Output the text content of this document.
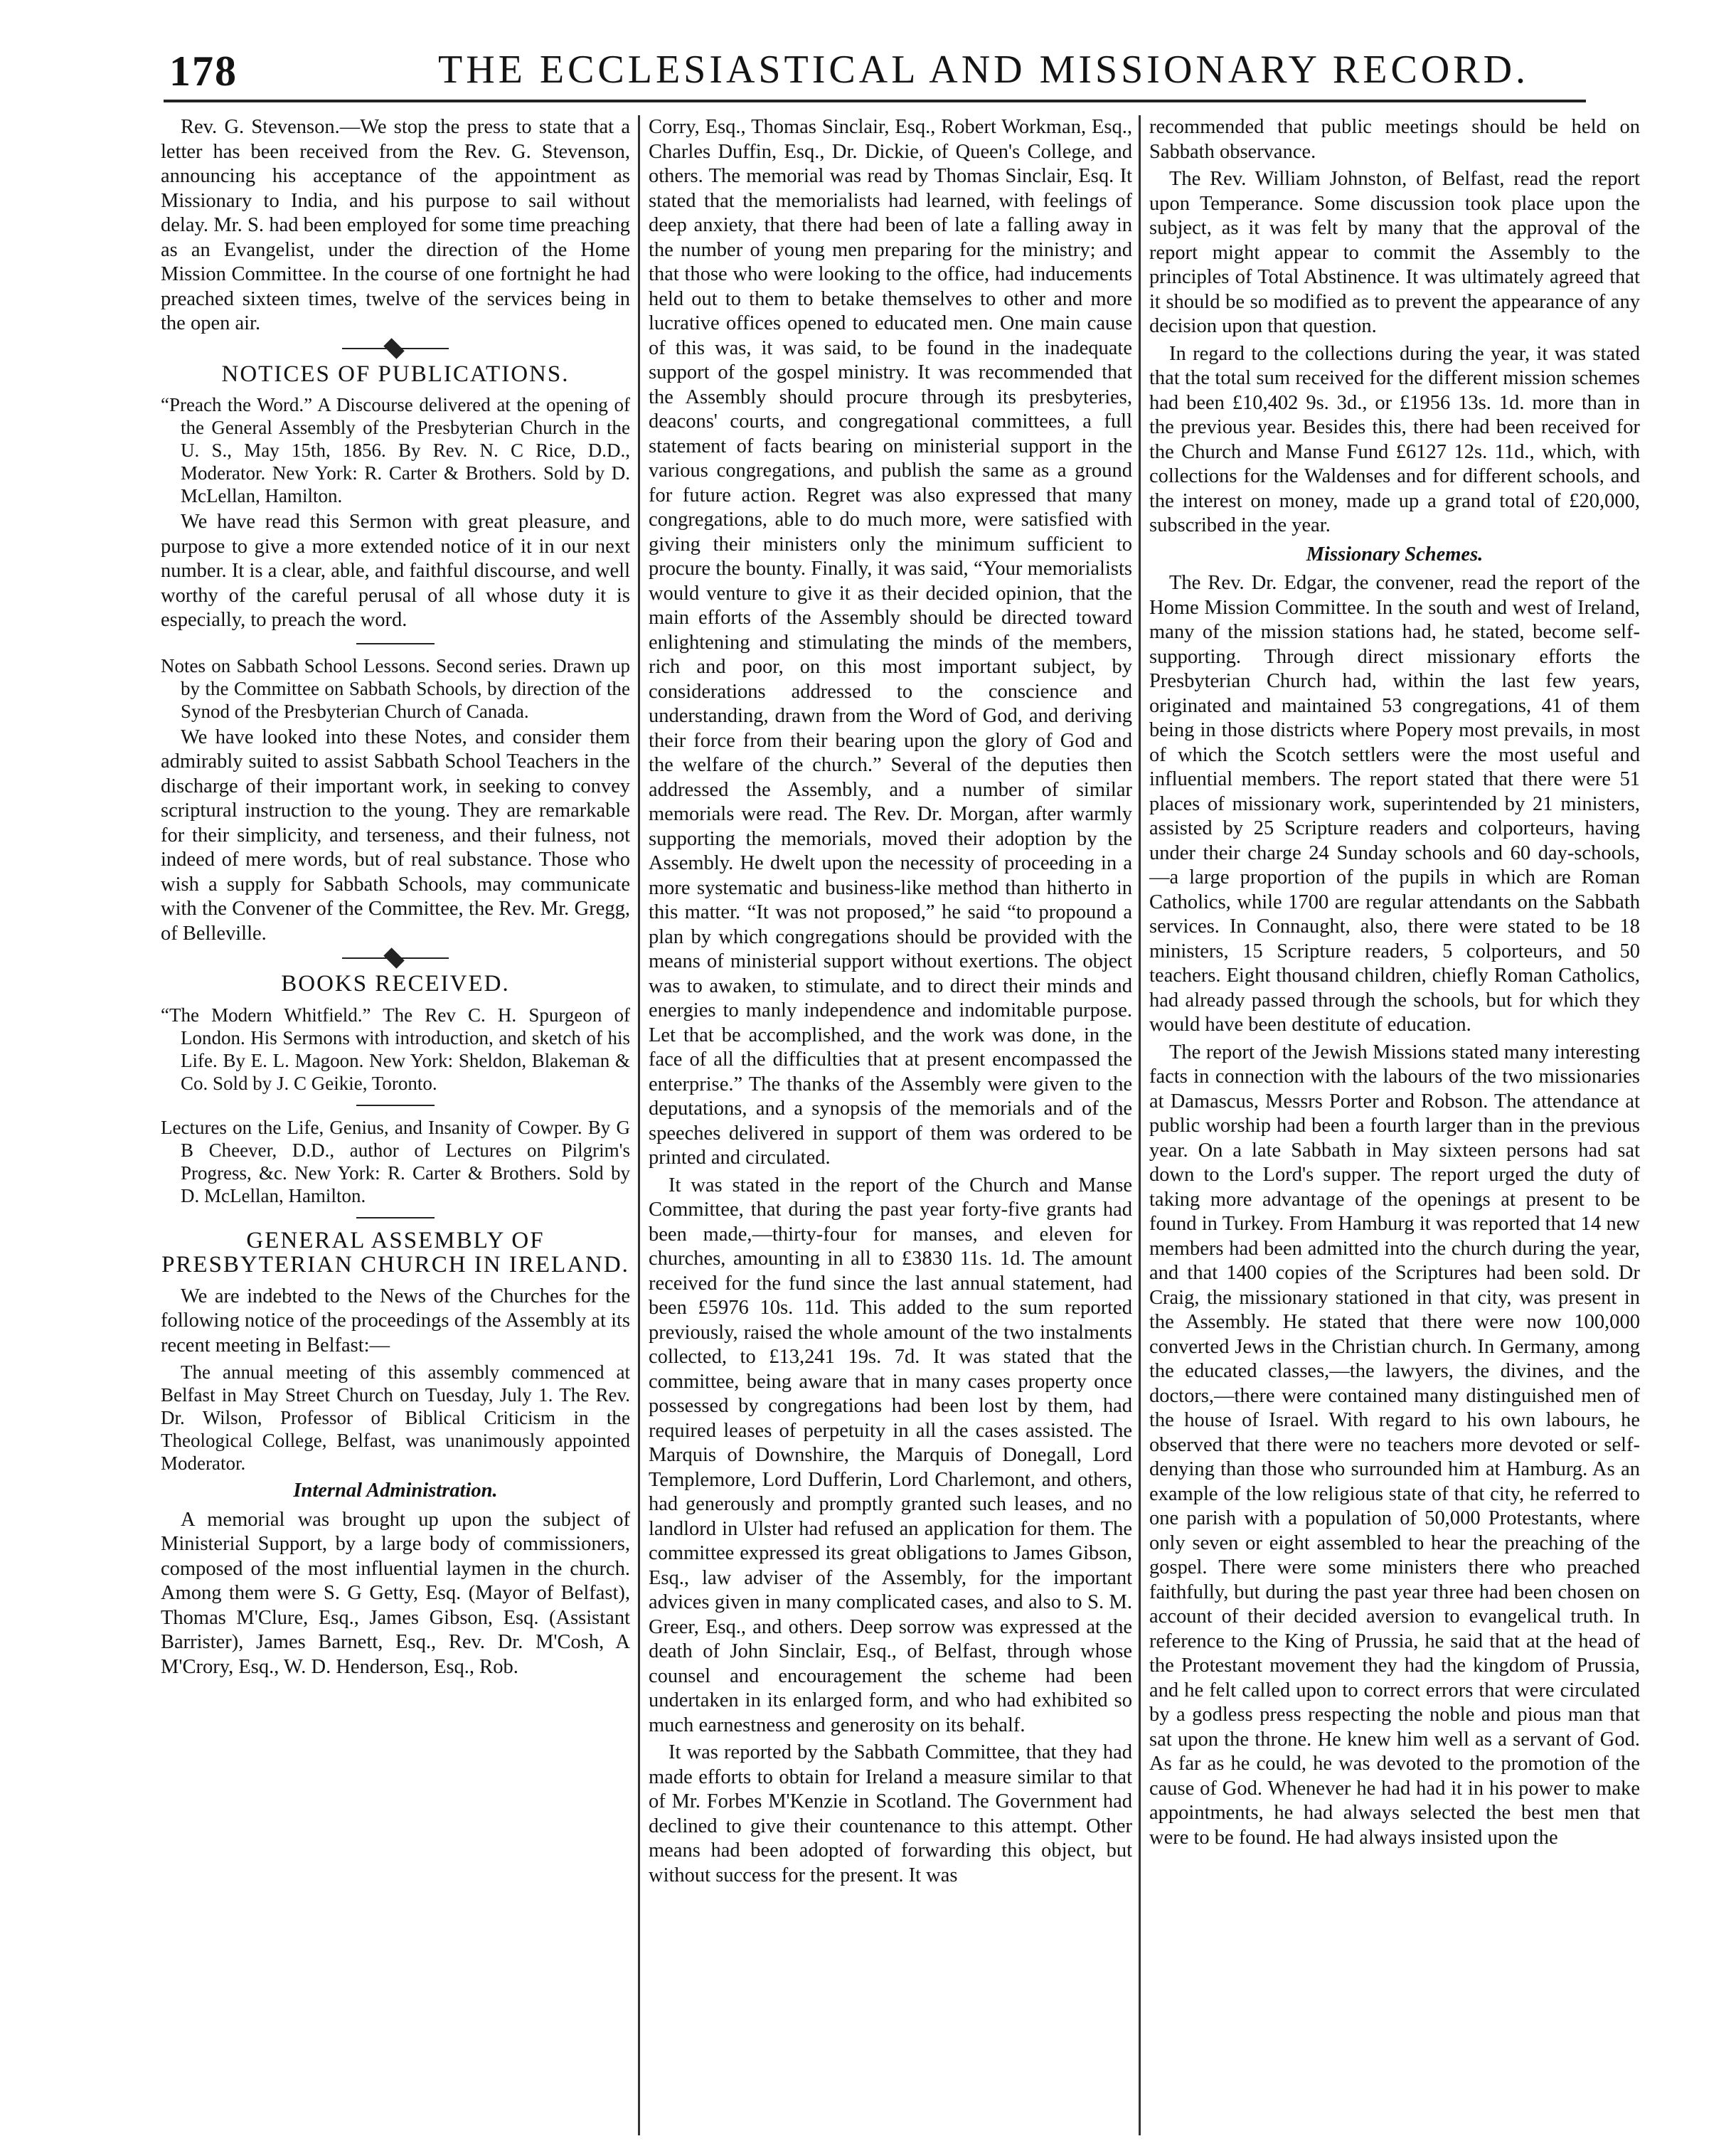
178	THE ECCLESIASTICAL AND MISSIONARY RECORD.

Rev. G. Stevenson.—We stop the press to state that a letter has been received from the Rev. G. Stevenson, announcing his acceptance of the appointment as Missionary to India, and his purpose to sail without delay. Mr. S. had been employed for some time preaching as an Evangelist, under the direction of the Home Mission Committee. In the course of one fortnight he had preached sixteen times, twelve of the services being in the open air.

NOTICES OF PUBLICATIONS.

“Preach the Word.” A Discourse delivered at the opening of the General Assembly of the Presbyterian Church in the U. S., May 15th, 1856. By Rev. N. C Rice, D.D., Moderator. New York: R. Carter & Brothers. Sold by D. McLellan, Hamilton.

We have read this Sermon with great pleasure, and purpose to give a more extended notice of it in our next number. It is a clear, able, and faithful discourse, and well worthy of the careful perusal of all whose duty it is especially, to preach the word.

Notes on Sabbath School Lessons. Second series. Drawn up by the Committee on Sabbath Schools, by direction of the Synod of the Presbyterian Church of Canada.

We have looked into these Notes, and consider them admirably suited to assist Sabbath School Teachers in the discharge of their important work, in seeking to convey scriptural instruction to the young. They are remarkable for their simplicity, and terseness, and their fulness, not indeed of mere words, but of real substance. Those who wish a supply for Sabbath Schools, may communicate with the Convener of the Committee, the Rev. Mr. Gregg, of Belleville.

BOOKS RECEIVED.

“The Modern Whitfield.” The Rev C. H. Spurgeon of London. His Sermons with introduction, and sketch of his Life. By E. L. Magoon. New York: Sheldon, Blakeman & Co. Sold by J. C Geikie, Toronto.

Lectures on the Life, Genius, and Insanity of Cowper. By G B Cheever, D.D., author of Lectures on Pilgrim's Progress, &c. New York: R. Carter & Brothers. Sold by D. McLellan, Hamilton.

GENERAL ASSEMBLY OF PRESBYTERIAN CHURCH IN IRELAND.

We are indebted to the News of the Churches for the following notice of the proceedings of the Assembly at its recent meeting in Belfast:—

The annual meeting of this assembly commenced at Belfast in May Street Church on Tuesday, July 1. The Rev. Dr. Wilson, Professor of Biblical Criticism in the Theological College, Belfast, was unanimously appointed Moderator.

Internal Administration.

A memorial was brought up upon the subject of Ministerial Support, by a large body of commissioners, composed of the most influential laymen in the church. Among them were S. G Getty, Esq. (Mayor of Belfast), Thomas M'Clure, Esq., James Gibson, Esq. (Assistant Barrister), James Barnett, Esq., Rev. Dr. M'Cosh, A M'Crory, Esq., W. D. Henderson, Esq., Rob.

Corry, Esq., Thomas Sinclair, Esq., Robert Workman, Esq., Charles Duffin, Esq., Dr. Dickie, of Queen's College, and others. The memorial was read by Thomas Sinclair, Esq. It stated that the memorialists had learned, with feelings of deep anxiety, that there had been of late a falling away in the number of young men preparing for the ministry; and that those who were looking to the office, had inducements held out to them to betake themselves to other and more lucrative offices opened to educated men. One main cause of this was, it was said, to be found in the inadequate support of the gospel ministry. It was recommended that the Assembly should procure through its presbyteries, deacons' courts, and congregational committees, a full statement of facts bearing on ministerial support in the various congregations, and publish the same as a ground for future action. Regret was also expressed that many congregations, able to do much more, were satisfied with giving their ministers only the minimum sufficient to procure the bounty. Finally, it was said, “Your memorialists would venture to give it as their decided opinion, that the main efforts of the Assembly should be directed toward enlightening and stimulating the minds of the members, rich and poor, on this most important subject, by considerations addressed to the conscience and understanding, drawn from the Word of God, and deriving their force from their bearing upon the glory of God and the welfare of the church.” Several of the deputies then addressed the Assembly, and a number of similar memorials were read. The Rev. Dr. Morgan, after warmly supporting the memorials, moved their adoption by the Assembly. He dwelt upon the necessity of proceeding in a more systematic and business-like method than hitherto in this matter. “It was not proposed,” he said “to propound a plan by which congregations should be provided with the means of ministerial support without exertions. The object was to awaken, to stimulate, and to direct their minds and energies to manly independence and indomitable purpose. Let that be accomplished, and the work was done, in the face of all the difficulties that at present encompassed the enterprise.” The thanks of the Assembly were given to the deputations, and a synopsis of the memorials and of the speeches delivered in support of them was ordered to be printed and circulated.

It was stated in the report of the Church and Manse Committee, that during the past year forty-five grants had been made,—thirty-four for manses, and eleven for churches, amounting in all to £3830 11s. 1d. The amount received for the fund since the last annual statement, had been £5976 10s. 11d. This added to the sum reported previously, raised the whole amount of the two instalments collected, to £13,241 19s. 7d. It was stated that the committee, being aware that in many cases property once possessed by congregations had been lost by them, had required leases of perpetuity in all the cases assisted. The Marquis of Downshire, the Marquis of Donegall, Lord Templemore, Lord Dufferin, Lord Charlemont, and others, had generously and promptly granted such leases, and no landlord in Ulster had refused an application for them. The committee expressed its great obligations to James Gibson, Esq., law adviser of the Assembly, for the important advices given in many complicated cases, and also to S. M. Greer, Esq., and others. Deep sorrow was expressed at the death of John Sinclair, Esq., of Belfast, through whose counsel and encouragement the scheme had been undertaken in its enlarged form, and who had exhibited so much earnestness and generosity on its behalf.

It was reported by the Sabbath Committee, that they had made efforts to obtain for Ireland a measure similar to that of Mr. Forbes M'Kenzie in Scotland. The Government had declined to give their countenance to this attempt. Other means had been adopted of forwarding this object, but without success for the present. It was

recommended that public meetings should be held on Sabbath observance.

The Rev. William Johnston, of Belfast, read the report upon Temperance. Some discussion took place upon the subject, as it was felt by many that the approval of the report might appear to commit the Assembly to the principles of Total Abstinence. It was ultimately agreed that it should be so modified as to prevent the appearance of any decision upon that question.

In regard to the collections during the year, it was stated that the total sum received for the different mission schemes had been £10,402 9s. 3d., or £1956 13s. 1d. more than in the previous year. Besides this, there had been received for the Church and Manse Fund £6127 12s. 11d., which, with collections for the Waldenses and for different schools, and the interest on money, made up a grand total of £20,000, subscribed in the year.

Missionary Schemes.

The Rev. Dr. Edgar, the convener, read the report of the Home Mission Committee. In the south and west of Ireland, many of the mission stations had, he stated, become self-supporting. Through direct missionary efforts the Presbyterian Church had, within the last few years, originated and maintained 53 congregations, 41 of them being in those districts where Popery most prevails, in most of which the Scotch settlers were the most useful and influential members. The report stated that there were 51 places of missionary work, superintended by 21 ministers, assisted by 25 Scripture readers and colporteurs, having under their charge 24 Sunday schools and 60 day-schools,—a large proportion of the pupils in which are Roman Catholics, while 1700 are regular attendants on the Sabbath services. In Connaught, also, there were stated to be 18 ministers, 15 Scripture readers, 5 colporteurs, and 50 teachers. Eight thousand children, chiefly Roman Catholics, had already passed through the schools, but for which they would have been destitute of education.

The report of the Jewish Missions stated many interesting facts in connection with the labours of the two missionaries at Damascus, Messrs Porter and Robson. The attendance at public worship had been a fourth larger than in the previous year. On a late Sabbath in May sixteen persons had sat down to the Lord's supper. The report urged the duty of taking more advantage of the openings at present to be found in Turkey. From Hamburg it was reported that 14 new members had been admitted into the church during the year, and that 1400 copies of the Scriptures had been sold. Dr Craig, the missionary stationed in that city, was present in the Assembly. He stated that there were now 100,000 converted Jews in the Christian church. In Germany, among the educated classes,—the lawyers, the divines, and the doctors,—there were contained many distinguished men of the house of Israel. With regard to his own labours, he observed that there were no teachers more devoted or self-denying than those who surrounded him at Hamburg. As an example of the low religious state of that city, he referred to one parish with a population of 50,000 Protestants, where only seven or eight assembled to hear the preaching of the gospel. There were some ministers there who preached faithfully, but during the past year three had been chosen on account of their decided aversion to evangelical truth. In reference to the King of Prussia, he said that at the head of the Protestant movement they had the kingdom of Prussia, and he felt called upon to correct errors that were circulated by a godless press respecting the noble and pious man that sat upon the throne. He knew him well as a servant of God. As far as he could, he was devoted to the promotion of the cause of God. Whenever he had had it in his power to make appointments, he had always selected the best men that were to be found. He had always insisted upon the
